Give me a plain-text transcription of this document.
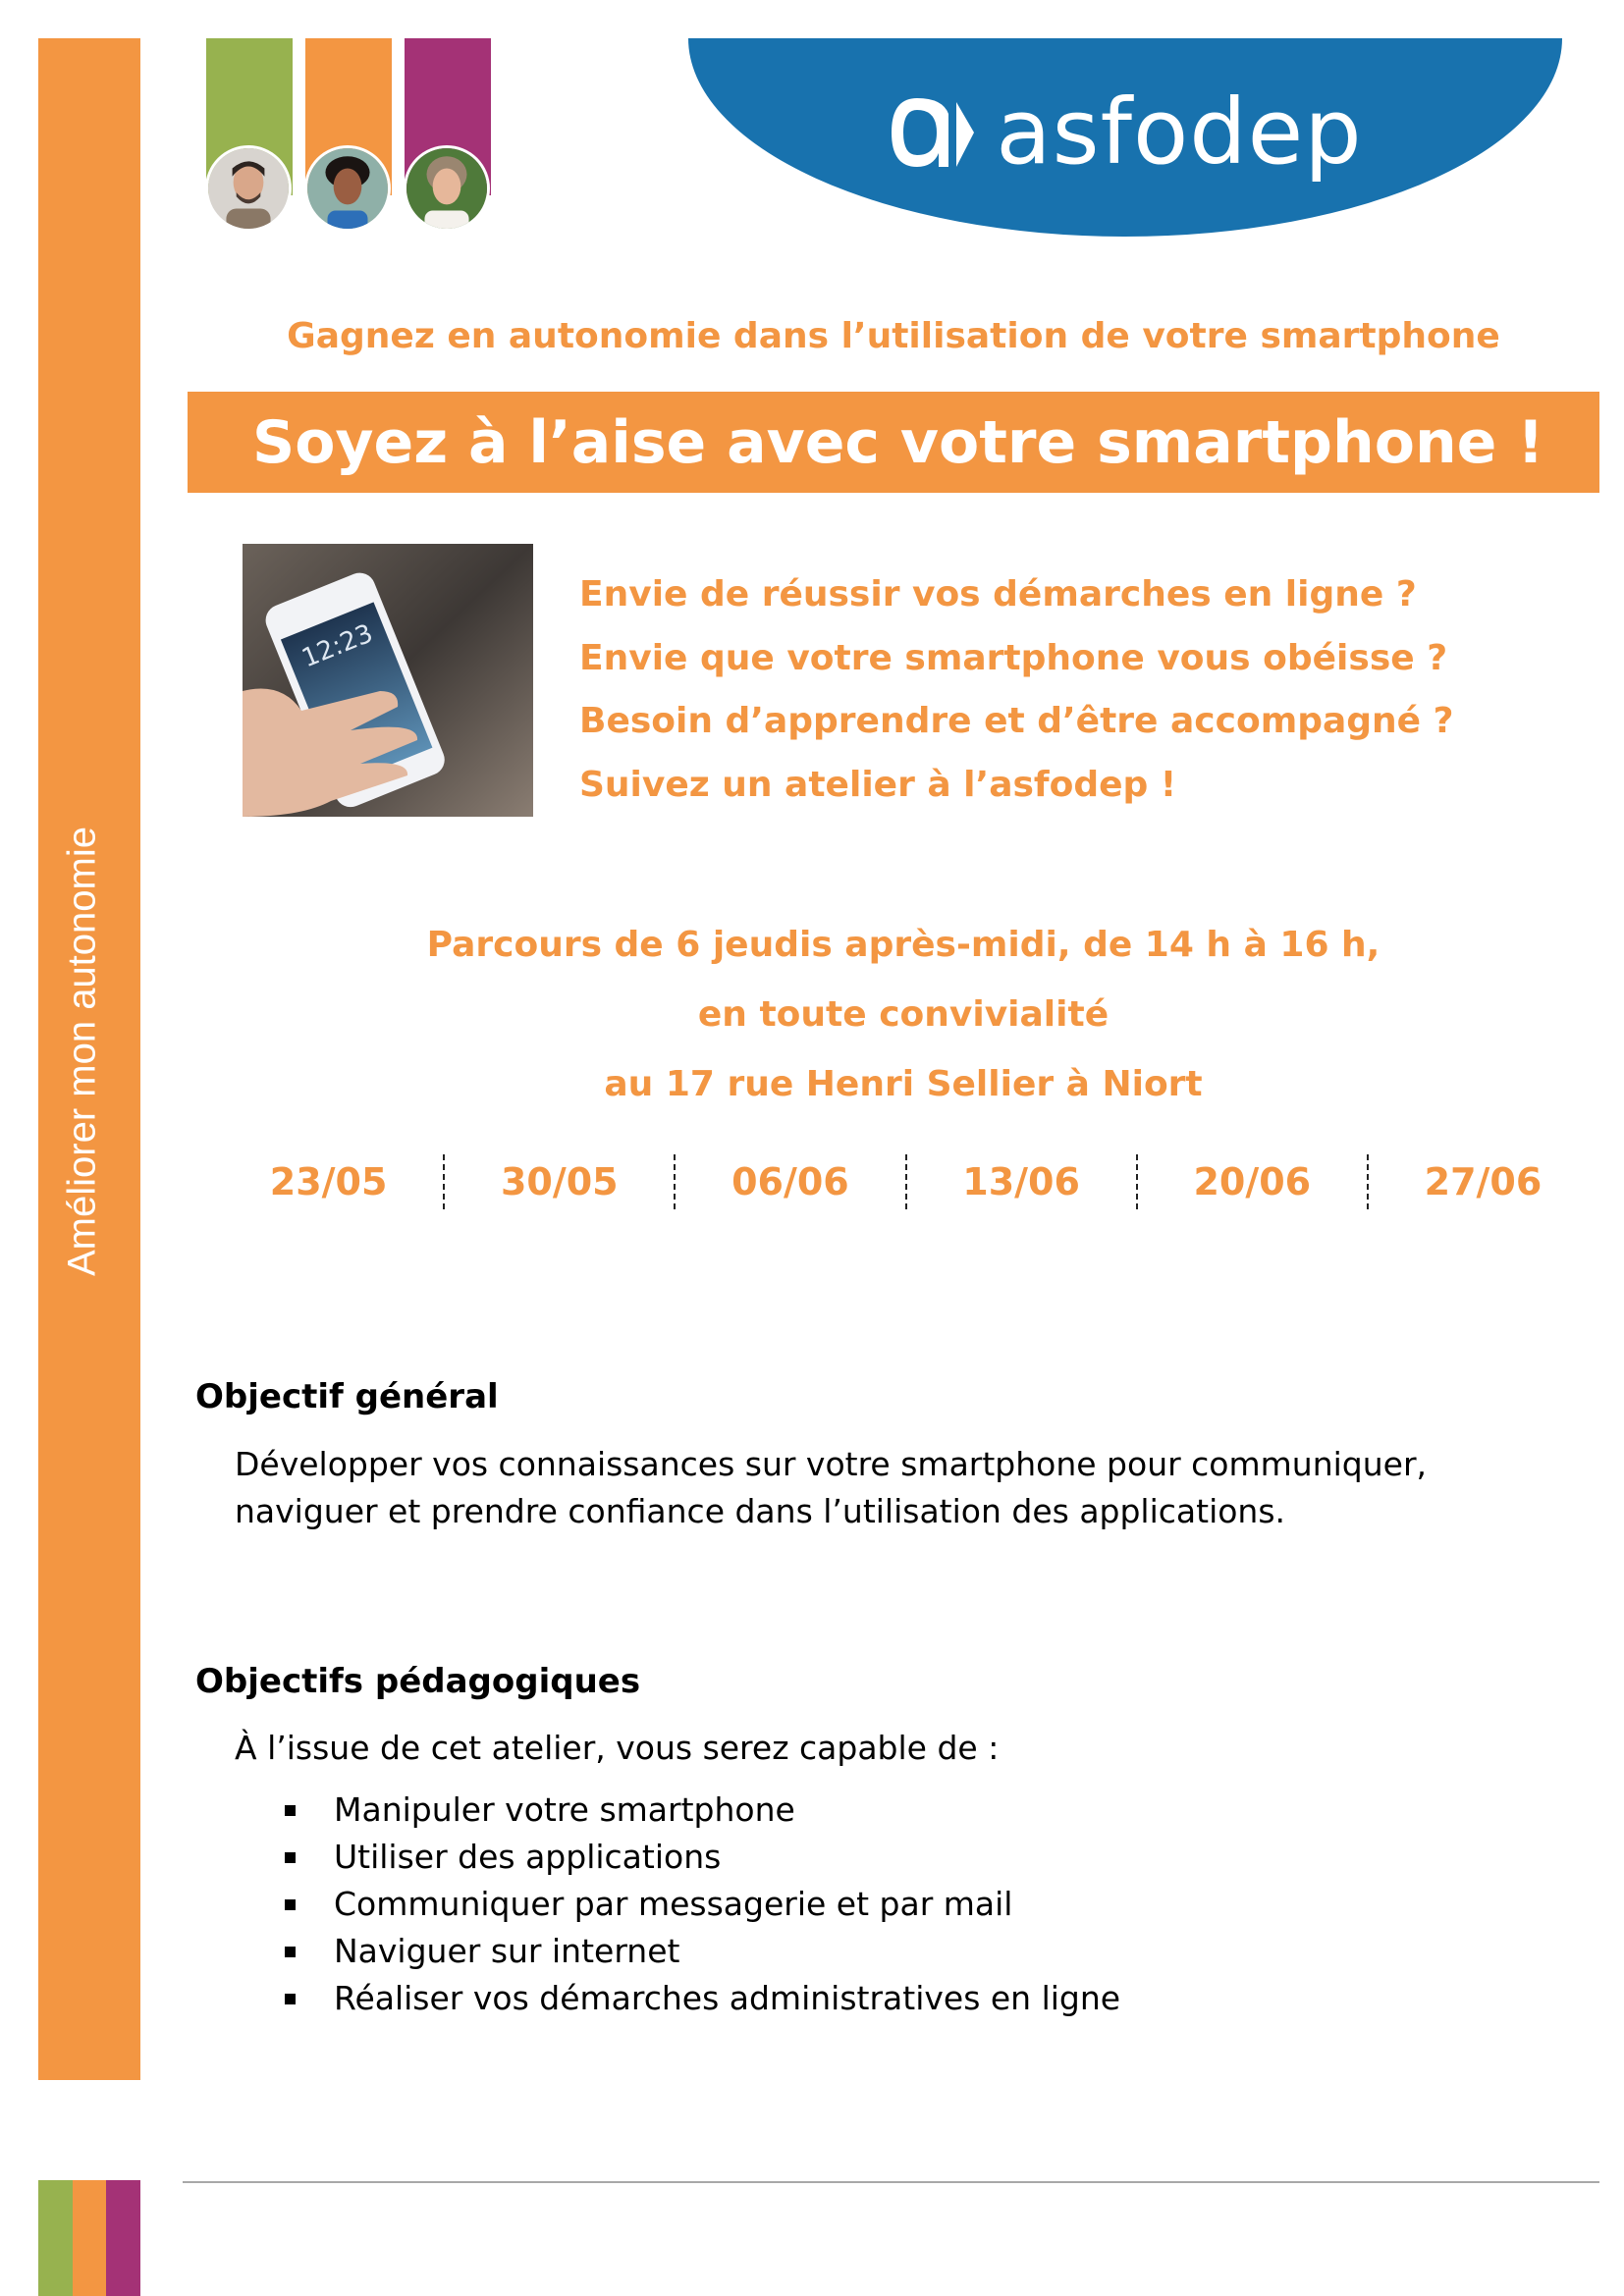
Améliorer mon autonomie
asfodep
Gagnez en autonomie dans l’utilisation de votre smartphone
Soyez à l’aise avec votre smartphone !
12:23
Envie de réussir vos démarches en ligne ?
Envie que votre smartphone vous obéisse ?
Besoin d’apprendre et d’être accompagné ?
Suivez un atelier à l’asfodep !
Parcours de 6 jeudis après-midi, de 14 h à 16 h,
en toute convivialité
au 17 rue Henri Sellier à Niort
23/05	30/05	06/06	13/06	20/06	27/06
Objectif général
Développer vos connaissances sur votre smartphone pour communiquer, naviguer et prendre confiance dans l’utilisation des applications.
Objectifs pédagogiques
À l’issue de cet atelier, vous serez capable de :
Manipuler votre smartphone
Utiliser des applications
Communiquer par messagerie et par mail
Naviguer sur internet
Réaliser vos démarches administratives en ligne
